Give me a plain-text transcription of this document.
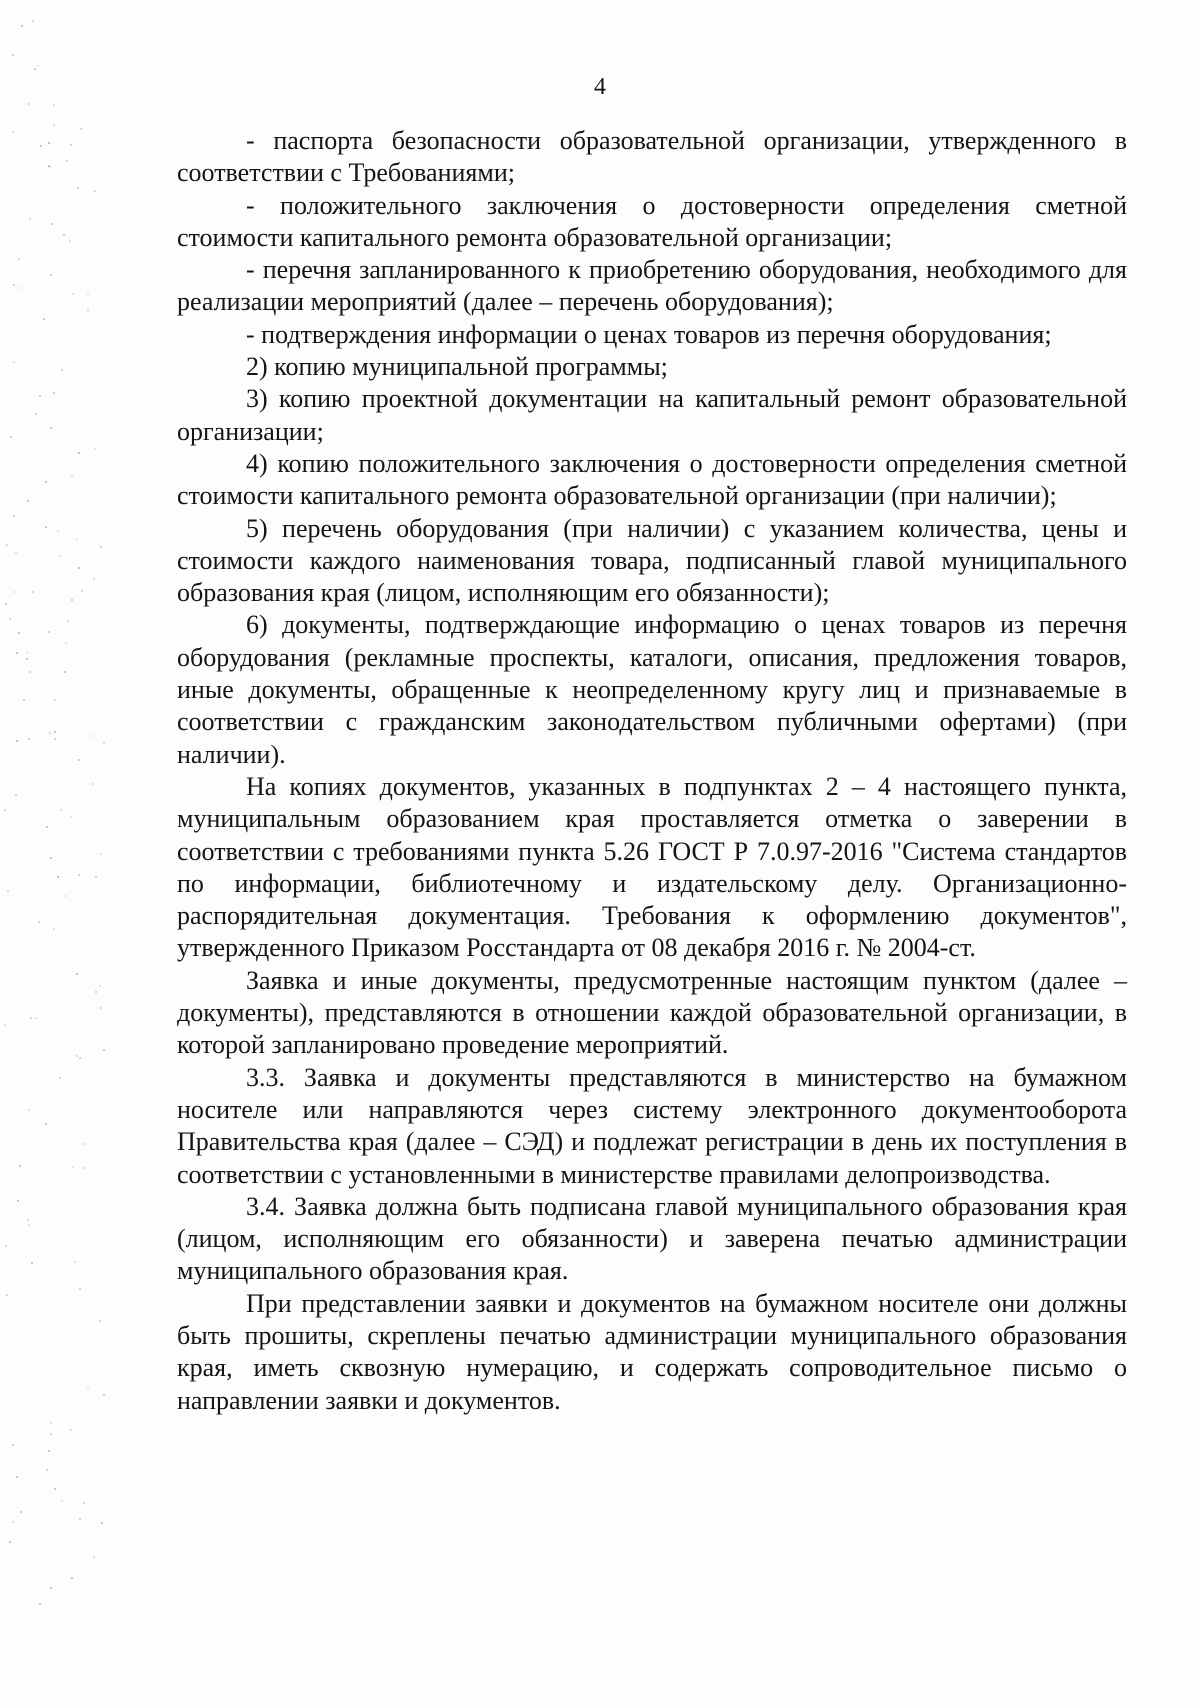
4

- паспорта безопасности образовательной организации, утвержденного в соответствии с Требованиями;

- положительного заключения о достоверности определения сметной стоимости капитального ремонта образовательной организации;

- перечня запланированного к приобретению оборудования, необходимого для реализации мероприятий (далее – перечень оборудования);

- подтверждения информации о ценах товаров из перечня оборудования;

2) копию муниципальной программы;

3) копию проектной документации на капитальный ремонт образовательной организации;

4) копию положительного заключения о достоверности определения сметной стоимости капитального ремонта образовательной организации (при наличии);

5) перечень оборудования (при наличии) с указанием количества, цены и стоимости каждого наименования товара, подписанный главой муниципального образования края (лицом, исполняющим его обязанности);

6) документы, подтверждающие информацию о ценах товаров из перечня оборудования (рекламные проспекты, каталоги, описания, предложения товаров, иные документы, обращенные к неопределенному кругу лиц и признаваемые в соответствии с гражданским законодательством публичными офертами) (при наличии).

На копиях документов, указанных в подпунктах 2 – 4 настоящего пункта, муниципальным образованием края проставляется отметка о заверении в соответствии с требованиями пункта 5.26 ГОСТ Р 7.0.97-2016 "Система стандартов по информации, библиотечному и издательскому делу. Организационно-распорядительная документация. Требования к оформлению документов", утвержденного Приказом Росстандарта от 08 декабря 2016 г. № 2004-ст.

Заявка и иные документы, предусмотренные настоящим пунктом (далее – документы), представляются в отношении каждой образовательной организации, в которой запланировано проведение мероприятий.

3.3. Заявка и документы представляются в министерство на бумажном носителе или направляются через систему электронного документооборота Правительства края (далее – СЭД) и подлежат регистрации в день их поступления в соответствии с установленными в министерстве правилами делопроизводства.

3.4. Заявка должна быть подписана главой муниципального образования края (лицом, исполняющим его обязанности) и заверена печатью администрации муниципального образования края.

При представлении заявки и документов на бумажном носителе они должны быть прошиты, скреплены печатью администрации муниципального образования края, иметь сквозную нумерацию, и содержать сопроводительное письмо о направлении заявки и документов.
